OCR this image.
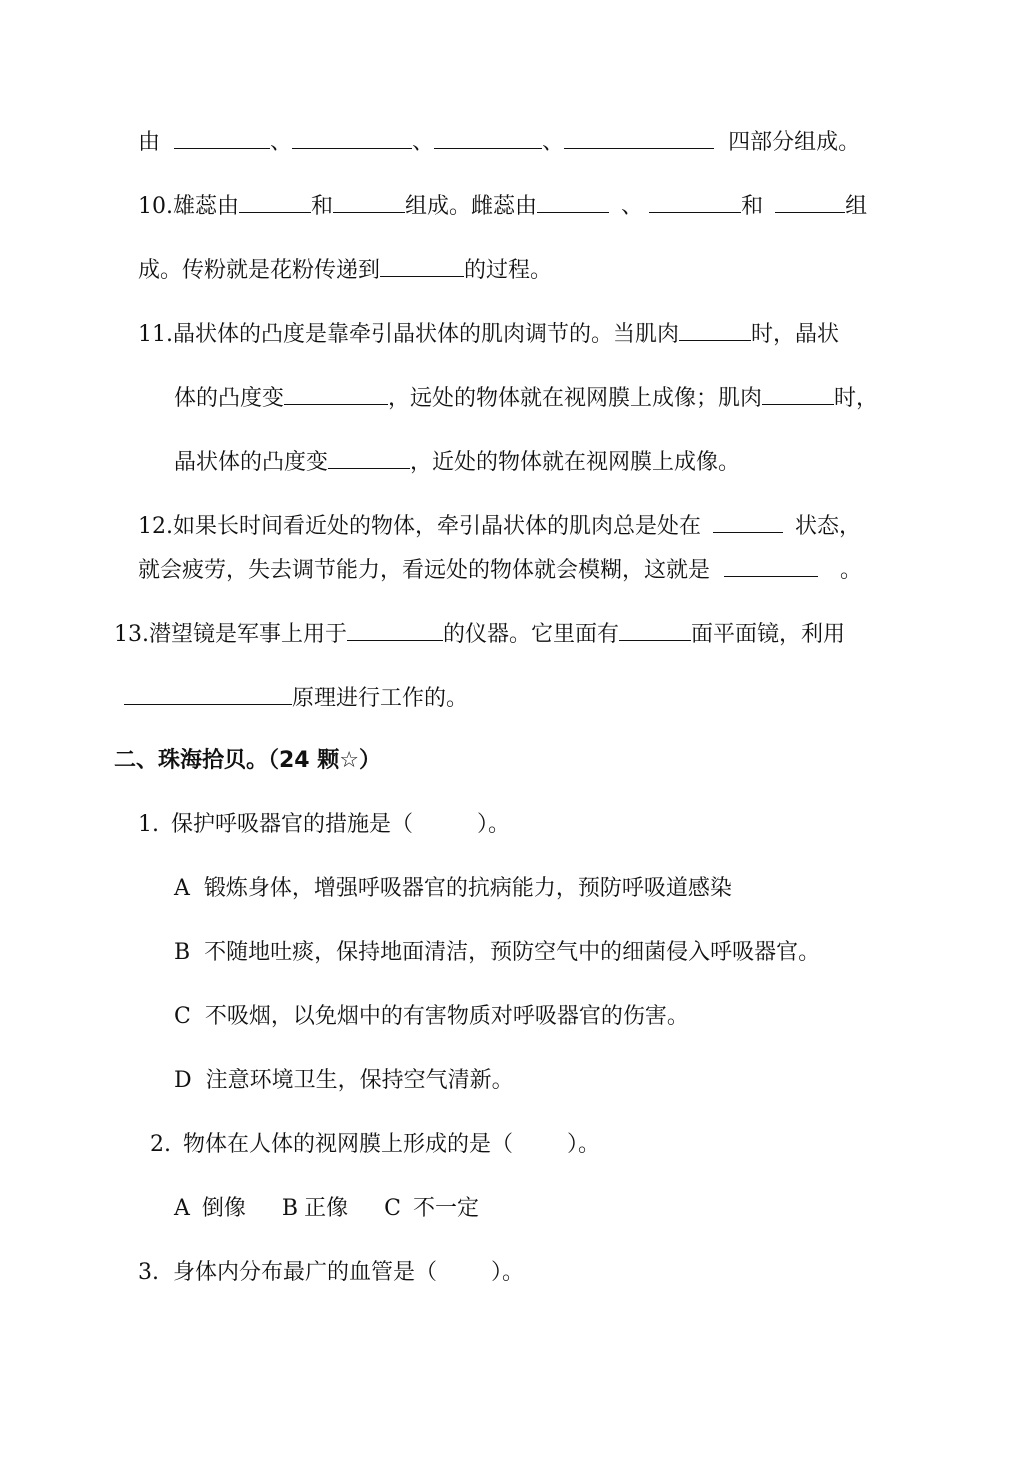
由	、	、	、	四部分组成。
10.雄蕊由	和	组成。雌蕊由	、	和	组
成。传粉就是花粉传递到	的过程。
11.晶状体的凸度是靠牵引晶状体的肌肉调节的。当肌肉	时，晶状
体的凸度变	，远处的物体就在视网膜上成像；肌肉	时，
晶状体的凸度变	，近处的物体就在视网膜上成像。
12.如果长时间看近处的物体，牵引晶状体的肌肉总是处在	状态，
就会疲劳，失去调节能力，看远处的物体就会模糊，这就是	。
13.潜望镜是军事上用于	的仪器。它里面有	面平面镜，利用
原理进行工作的。
二、珠海拾贝。（24 颗☆）
1. 保护呼吸器官的措施是（	）。
A 锻炼身体，增强呼吸器官的抗病能力，预防呼吸道感染
B 不随地吐痰，保持地面清洁，预防空气中的细菌侵入呼吸器官。
C 不吸烟，以免烟中的有害物质对呼吸器官的伤害。
D 注意环境卫生，保持空气清新。
2. 物体在人体的视网膜上形成的是（ ）。
A 倒像 B 正像 C 不一定
3. 身体内分布最广的血管是（ ）。
